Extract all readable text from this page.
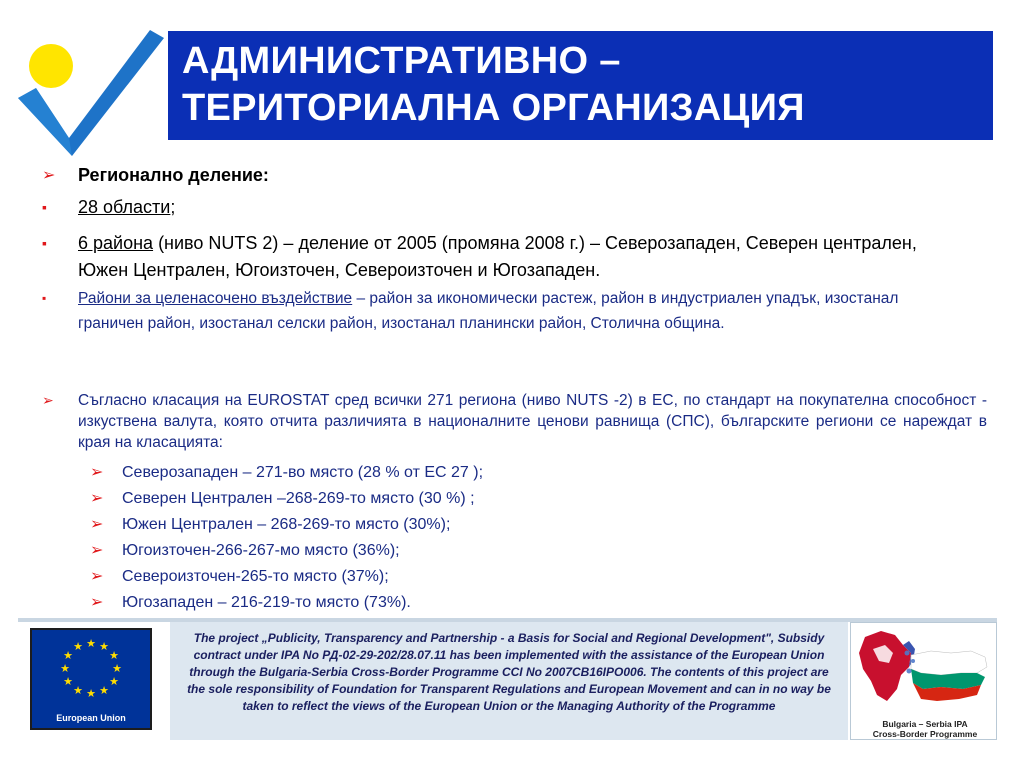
АДМИНИСТРАТИВНО –
ТЕРИТОРИАЛНА ОРГАНИЗАЦИЯ
➢ Регионално деление:
▪ 28 области;
▪ 6 района (ниво NUTS 2) – деление от 2005 (промяна 2008 г.) – Северозападен, Северен централен, Южен Централен, Югоизточен, Североизточен и Югозападен.
▪ Райони за целенасочено въздействие – район за икономически растеж, район в индустриален упадък, изостанал граничен район, изостанал селски район, изостанал планински район, Столична община.
➢ Съгласно класация на EUROSTAT сред всички 271 региона (ниво NUTS -2) в ЕС, по стандарт на покупателна способност - изкуствена валута, която отчита различията в националните ценови равнища (СПС), българските региони се нареждат в края на класацията:
➢ Северозападен – 271-во място (28 % от ЕС 27 );
➢ Северен Централен –268-269-то място (30 %) ;
➢ Южен Централен – 268-269-то място (30%);
➢ Югоизточен-266-267-мо място (36%);
➢ Североизточен-265-то място (37%);
➢ Югозападен – 216-219-то място (73%).
★ ★
★
★
★
★
★
★
★
★
★
★
European Union
The project „Publicity, Transparency and Partnership - a Basis for Social and Regional Development", Subsidy contract under IPA No РД-02-29-202/28.07.11 has been implemented with the assistance of the European Union through the Bulgaria-Serbia Cross-Border Programme CCI No 2007CB16IPO006. The contents of this project are the sole responsibility of Foundation for Transparent Regulations and European Movement and can in no way be taken to reflect the views of the European Union or the Managing Authority of the Programme
Bulgaria – Serbia IPA
Cross-Border Programme
